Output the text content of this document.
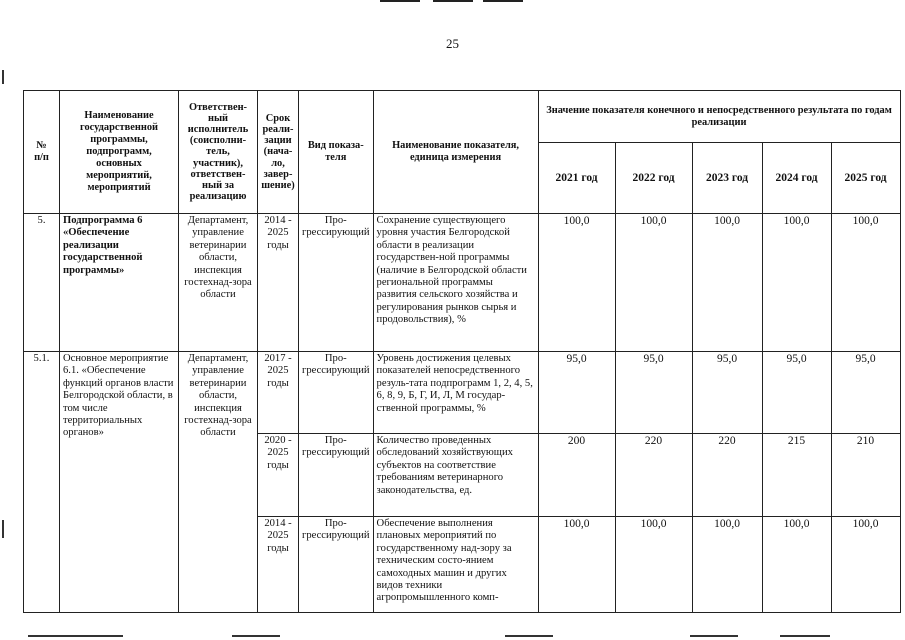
25
№
п/п	Наименование государственной программы, подпрограмм, основных мероприятий, мероприятий	Ответствен-ный исполнитель (соисполни-тель, участник), ответствен-ный за реализацию	Срок реали-зации (нача-ло, завер-шение)	Вид показа-теля	Наименование показателя, единица измерения	Значение показателя конечного и непосредственного результата по годам реализации				
						2021 год	2022 год	2023 год	2024 год	2025 год
5.	Подпрограмма 6 «Обеспечение реализации государственной программы»	Департамент, управление ветеринарии области, инспекция гостехнад-зора области	2014 - 2025 годы	Про-грессирующий	Сохранение существующего уровня участия Белгородской области в реализации государствен-ной программы (наличие в Белгородской области региональной программы развития сельского хозяйства и регулирования рынков сырья и продовольствия), %	100,0	100,0	100,0	100,0	100,0
5.1.	Основное мероприятие 6.1. «Обеспечение функций органов власти Белгородской области, в том числе территориальных органов»	Департамент, управление ветеринарии области, инспекция гостехнад-зора области	2017 - 2025 годы	Про-грессирующий	Уровень достижения целевых показателей непосредственного резуль-тата подпрограмм 1, 2, 4, 5, 6, 8, 9, Б, Г, И, Л, М государ-ственной программы, %	95,0	95,0	95,0	95,0	95,0
			2020 - 2025 годы	Про-грессирующий	Количество проведенных обследований хозяйствующих субъектов на соответствие требованиям ветеринарного законодательства, ед.	200	220	220	215	210
			2014 - 2025 годы	Про-грессирующий	Обеспечение выполнения плановых мероприятий по государственному над-зору за техническим состо-янием самоходных машин и других видов техники агропромышленного комп-	100,0	100,0	100,0	100,0	100,0
